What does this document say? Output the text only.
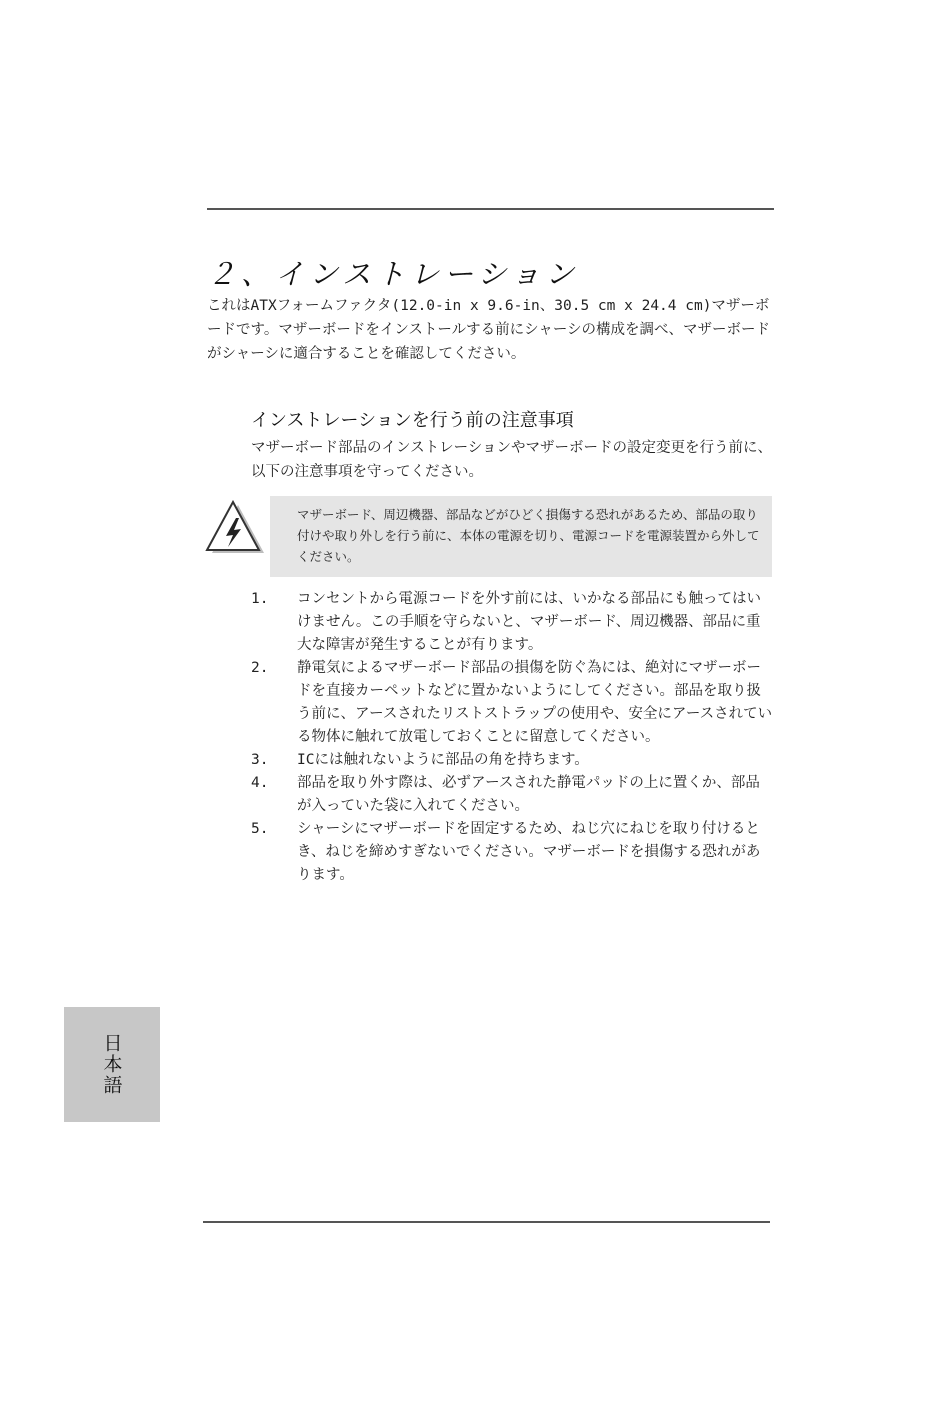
２、インストレーション

これはATXフォームファクタ(12.0-in x 9.6-in、30.5 cm x 24.4 cm)マザーボードです。マザーボードをインストールする前にシャーシの構成を調べ、マザーボードがシャーシに適合することを確認してください。

インストレーションを行う前の注意事項

マザーボード部品のインストレーションやマザーボードの設定変更を行う前に、以下の注意事項を守ってください。

マザーボード、周辺機器、部品などがひどく損傷する恐れがあるため、部品の取り付けや取り外しを行う前に、本体の電源を切り、電源コードを電源装置から外してください。

1.	コンセントから電源コードを外す前には、いかなる部品にも触ってはいけません。この手順を守らないと、マザーボード、周辺機器、部品に重大な障害が発生することが有ります。
2.	静電気によるマザーボード部品の損傷を防ぐ為には、絶対にマザーボードを直接カーペットなどに置かないようにしてください。部品を取り扱う前に、アースされたリストストラップの使用や、安全にアースされている物体に触れて放電しておくことに留意してください。
3.	ICには触れないように部品の角を持ちます。
4.	部品を取り外す際は、必ずアースされた静電パッドの上に置くか、部品が入っていた袋に入れてください。
5.	シャーシにマザーボードを固定するため、ねじ穴にねじを取り付けるとき、ねじを締めすぎないでください。マザーボードを損傷する恐れがあります。
日本語
